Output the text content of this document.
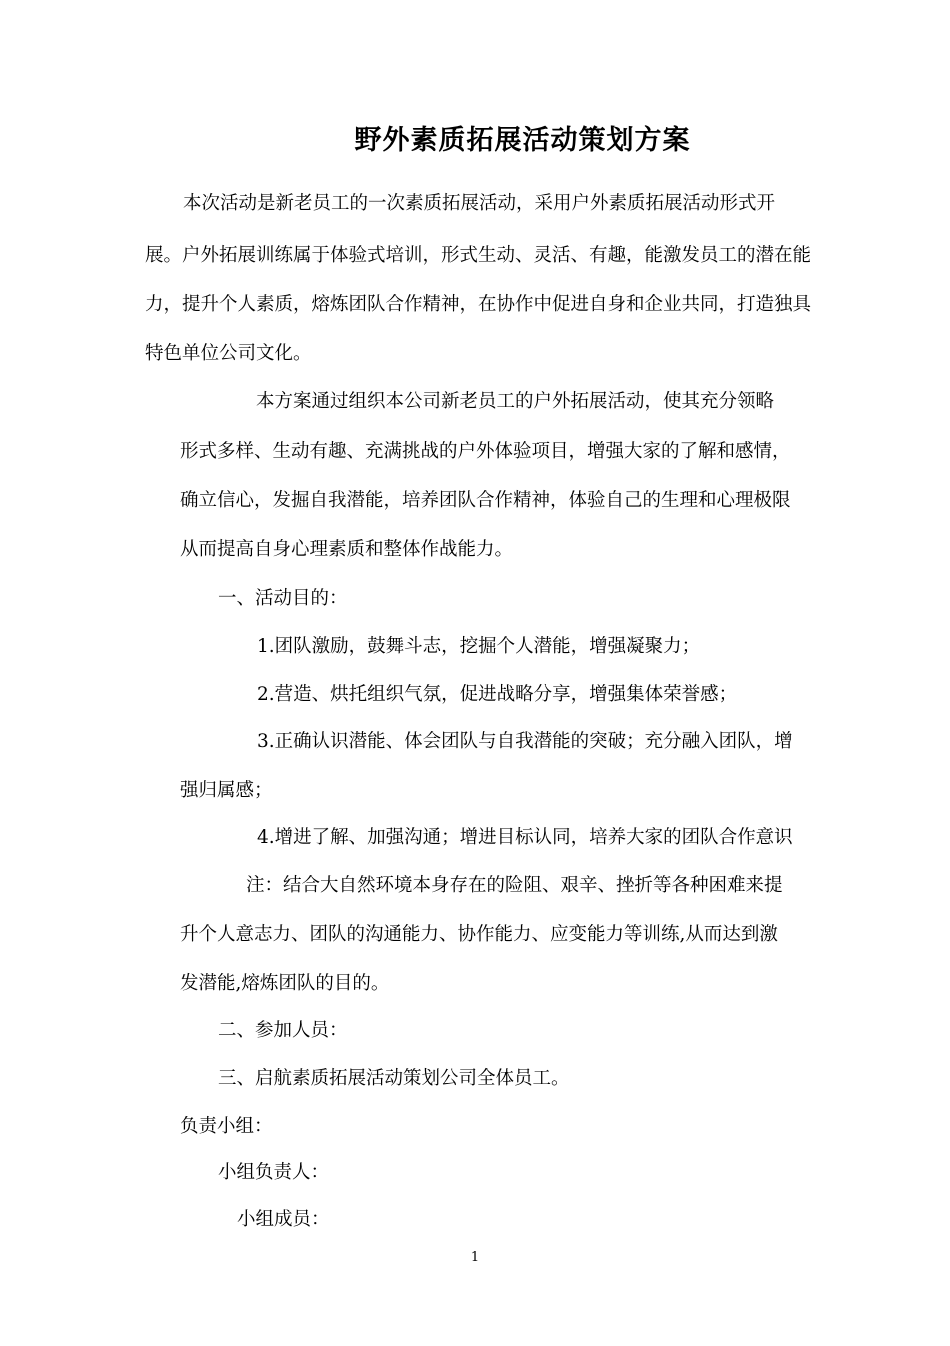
野外素质拓展活动策划方案
本次活动是新老员工的一次素质拓展活动，采用户外素质拓展活动形式开
展。户外拓展训练属于体验式培训，形式生动、灵活、有趣，能激发员工的潜在能
力，提升个人素质，熔炼团队合作精神，在协作中促进自身和企业共同，打造独具
特色单位公司文化。
本方案通过组织本公司新老员工的户外拓展活动，使其充分领略
形式多样、生动有趣、充满挑战的户外体验项目，增强大家的了解和感情，
确立信心，发掘自我潜能，培养团队合作精神，体验自己的生理和心理极限
从而提高自身心理素质和整体作战能力。
一、活动目的：
1.团队激励，鼓舞斗志，挖掘个人潜能，增强凝聚力；
2.营造、烘托组织气氛，促进战略分享，增强集体荣誉感；
3.正确认识潜能、体会团队与自我潜能的突破；充分融入团队，增
强归属感；
4.增进了解、加强沟通；增进目标认同，培养大家的团队合作意识
注：结合大自然环境本身存在的险阻、艰辛、挫折等各种困难来提
升个人意志力、团队的沟通能力、协作能力、应变能力等训练,从而达到激
发潜能,熔炼团队的目的。
二、参加人员：
三、启航素质拓展活动策划公司全体员工。
负责小组：
小组负责人：
小组成员：
1
